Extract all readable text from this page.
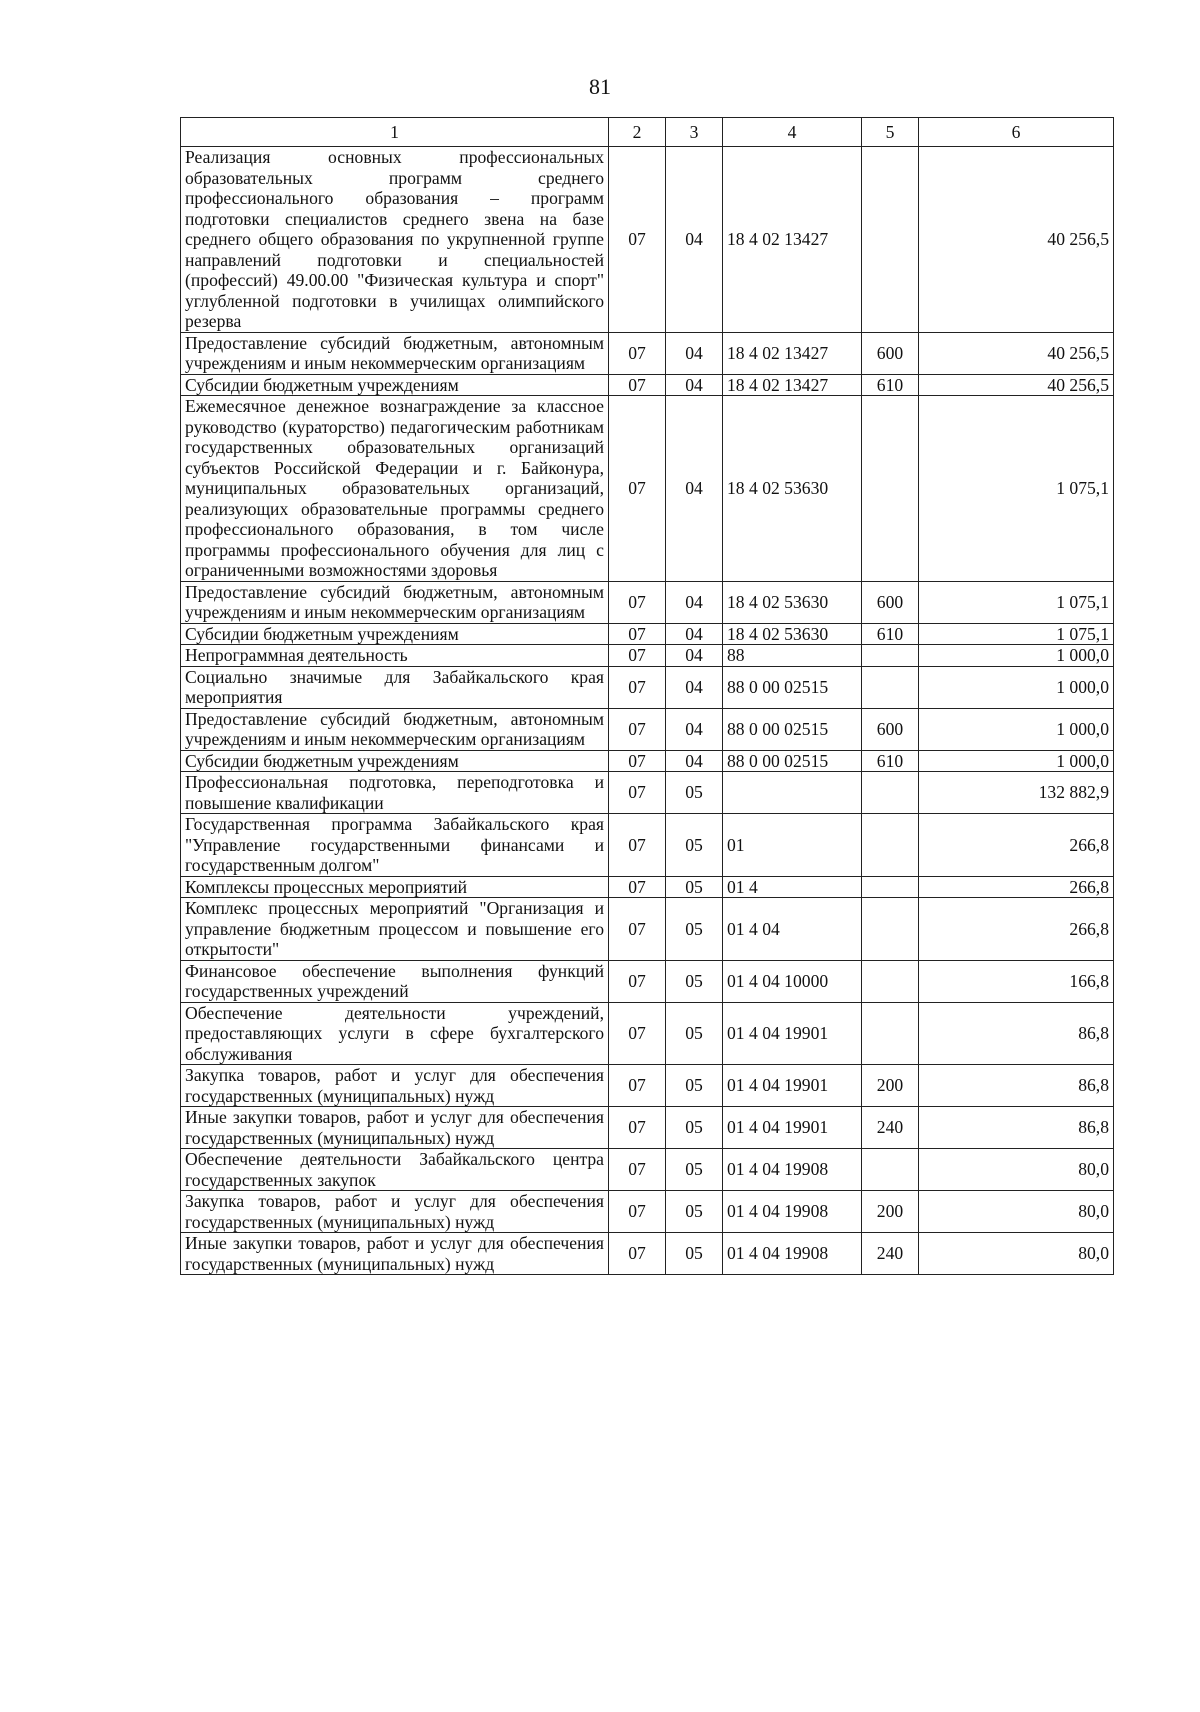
81
1	2	3	4	5	6
Реализация основных профессиональных образовательных программ среднего профессионального образования – программ подготовки специалистов среднего звена на базе среднего общего образования по укрупненной группе направлений подготовки и специальностей (профессий) 49.00.00 "Физическая культура и спорт" углубленной подготовки в училищах олимпийского резерва	07	04	18 4 02 13427		40 256,5
Предоставление субсидий бюджетным, автономным учреждениям и иным некоммерческим организациям	07	04	18 4 02 13427	600	40 256,5
Субсидии бюджетным учреждениям	07	04	18 4 02 13427	610	40 256,5
Ежемесячное денежное вознаграждение за классное руководство (кураторство) педагогическим работникам государственных образовательных организаций субъектов Российской Федерации и г. Байконура, муниципальных образовательных организаций, реализующих образовательные программы среднего профессионального образования, в том числе программы профессионального обучения для лиц с ограниченными возможностями здоровья	07	04	18 4 02 53630		1 075,1
Предоставление субсидий бюджетным, автономным учреждениям и иным некоммерческим организациям	07	04	18 4 02 53630	600	1 075,1
Субсидии бюджетным учреждениям	07	04	18 4 02 53630	610	1 075,1
Непрограммная деятельность	07	04	88		1 000,0
Социально значимые для Забайкальского края мероприятия	07	04	88 0 00 02515		1 000,0
Предоставление субсидий бюджетным, автономным учреждениям и иным некоммерческим организациям	07	04	88 0 00 02515	600	1 000,0
Субсидии бюджетным учреждениям	07	04	88 0 00 02515	610	1 000,0
Профессиональная подготовка, переподготовка и повышение квалификации	07	05			132 882,9
Государственная программа Забайкальского края "Управление государственными финансами и государственным долгом"	07	05	01		266,8
Комплексы процессных мероприятий	07	05	01 4		266,8
Комплекс процессных мероприятий "Организация и управление бюджетным процессом и повышение его открытости"	07	05	01 4 04		266,8
Финансовое обеспечение выполнения функций государственных учреждений	07	05	01 4 04 10000		166,8
Обеспечение деятельности учреждений, предоставляющих услуги в сфере бухгалтерского обслуживания	07	05	01 4 04 19901		86,8
Закупка товаров, работ и услуг для обеспечения государственных (муниципальных) нужд	07	05	01 4 04 19901	200	86,8
Иные закупки товаров, работ и услуг для обеспечения государственных (муниципальных) нужд	07	05	01 4 04 19901	240	86,8
Обеспечение деятельности Забайкальского центра государственных закупок	07	05	01 4 04 19908		80,0
Закупка товаров, работ и услуг для обеспечения государственных (муниципальных) нужд	07	05	01 4 04 19908	200	80,0
Иные закупки товаров, работ и услуг для обеспечения государственных (муниципальных) нужд	07	05	01 4 04 19908	240	80,0
